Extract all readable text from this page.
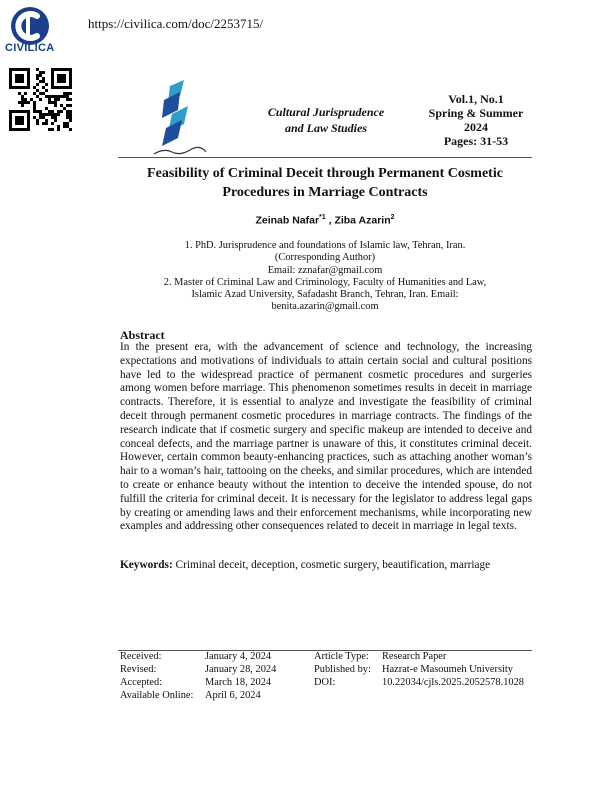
CIVILICA
https://civilica.com/doc/2253715/
Cultural Jurisprudence
and Law Studies
Vol.1, No.1
Spring & Summer
2024
Pages: 31-53
Feasibility of Criminal Deceit through Permanent Cosmetic
Procedures in Marriage Contracts
Zeinab Nafar$^{*1}$ , Ziba Azarin$^2$
1. PhD. Jurisprudence and foundations of Islamic law, Tehran, Iran.
(Corresponding Author)
Email: zznafar@gmail.com
2. Master of Criminal Law and Criminology, Faculty of Humanities and Law,
Islamic Azad University, Safadasht Branch, Tehran, Iran. Email:
benita.azarin@gmail.com
Abstract
In the present era, with the advancement of science and technology, the increasing expectations and motivations of individuals to attain certain social and cultural positions have led to the widespread practice of permanent cosmetic procedures and surgeries among women before marriage. This phenomenon sometimes results in deceit in marriage contracts. Therefore, it is essential to analyze and investigate the feasibility of criminal deceit through permanent cosmetic procedures in marriage contracts. The findings of the research indicate that if cosmetic surgery and specific makeup are intended to deceive and conceal defects, and the marriage partner is unaware of this, it constitutes criminal deceit. However, certain common beauty-enhancing practices, such as attaching another woman’s hair to a woman’s hair, tattooing on the cheeks, and similar procedures, which are intended to create or enhance beauty without the intention to deceive the intended spouse, do not fulfill the criteria for criminal deceit. It is necessary for the legislator to address legal gaps by creating or amending laws and their enforcement mechanisms, while incorporating new examples and addressing other consequences related to deceit in marriage in legal texts.
Keywords: Criminal deceit, deception, cosmetic surgery, beautification, marriage
Received:	January 4, 2024	Article Type: Research Paper
Revised:	January 28, 2024	Published by: Hazrat-e Masoumeh University
Accepted:	March 18, 2024	DOI:	10.22034/cjls.2025.2052578.1028
Available Online: April 6, 2024
